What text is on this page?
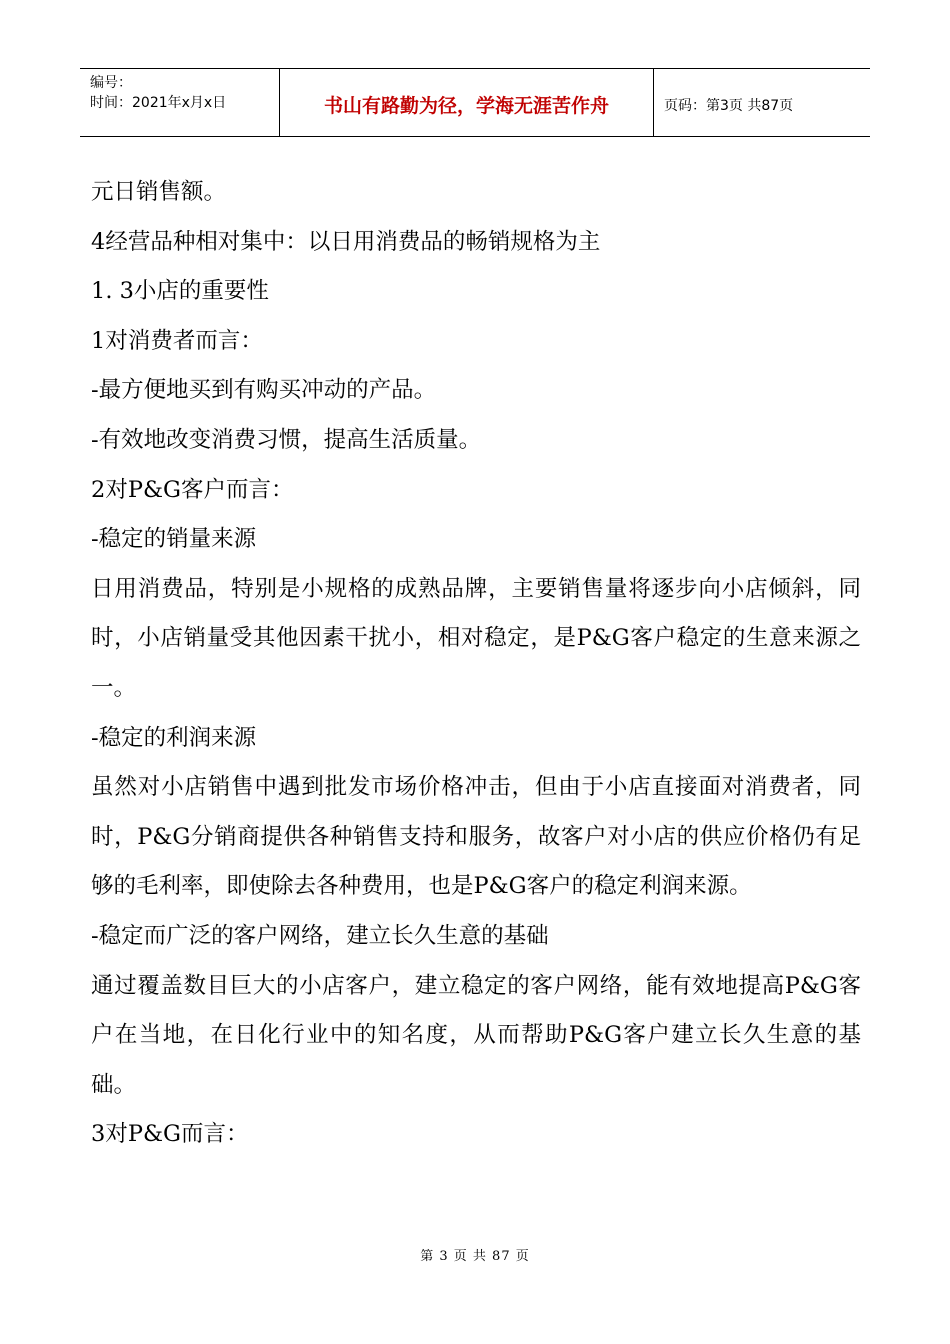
编号：
时间：2021年x月x日	书山有路勤为径，学海无涯苦作舟	页码：第3页 共87页

元日销售额。

4经营品种相对集中：以日用消费品的畅销规格为主

1. 3小店的重要性

1对消费者而言：

-最方便地买到有购买冲动的产品。

-有效地改变消费习惯，提高生活质量。

2对P&G客户而言：

-稳定的销量来源

日用消费品，特别是小规格的成熟品牌，主要销售量将逐步向小店倾斜，同时，小店销量受其他因素干扰小，相对稳定，是P&G客户稳定的生意来源之一。

-稳定的利润来源

虽然对小店销售中遇到批发市场价格冲击，但由于小店直接面对消费者，同时，P&G分销商提供各种销售支持和服务，故客户对小店的供应价格仍有足够的毛利率，即使除去各种费用，也是P&G客户的稳定利润来源。

-稳定而广泛的客户网络，建立长久生意的基础

通过覆盖数目巨大的小店客户，建立稳定的客户网络，能有效地提高P&G客户在当地，在日化行业中的知名度，从而帮助P&G客户建立长久生意的基础。

3对P&G而言：

第 3 页 共 87 页
